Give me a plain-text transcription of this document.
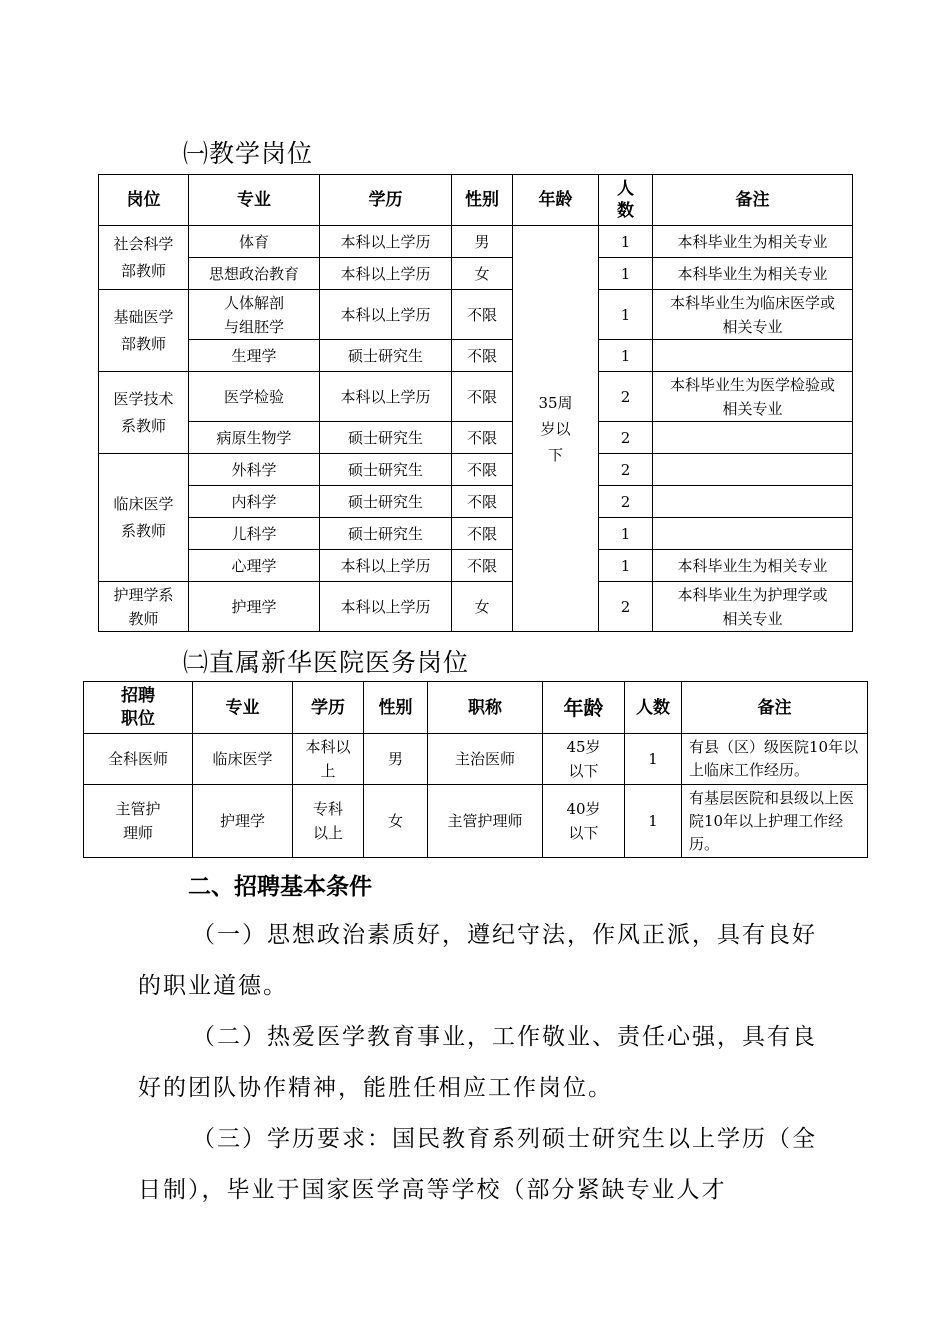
㈠教学岗位
岗位	专业	学历	性别	年龄	人数	备注
社会科学部教师	体育	本科以上学历	男	35周岁以下	1	本科毕业生为相关专业
	思想政治教育	本科以上学历	女		1	本科毕业生为相关专业
基础医学部教师	人体解剖与组胚学	本科以上学历	不限		1	本科毕业生为临床医学或相关专业
	生理学	硕士研究生	不限		1	
医学技术系教师	医学检验	本科以上学历	不限		2	本科毕业生为医学检验或相关专业
	病原生物学	硕士研究生	不限		2	
临床医学系教师	外科学	硕士研究生	不限		2	
	内科学	硕士研究生	不限		2	
	儿科学	硕士研究生	不限		1	
	心理学	本科以上学历	不限		1	本科毕业生为相关专业
护理学系教师	护理学	本科以上学历	女		2	本科毕业生为护理学或相关专业
㈡直属新华医院医务岗位
招聘职位	专业	学历	性别	职称	年龄	人数	备注
全科医师	临床医学	本科以上	男	主治医师	45岁以下	1	有县（区）级医院10年以上临床工作经历。
主管护理师	护理学	专科以上	女	主管护理师	40岁以下	1	有基层医院和县级以上医院10年以上护理工作经历。
二、招聘基本条件

（一）思想政治素质好，遵纪守法，作风正派，具有良好的职业道德。

（二）热爱医学教育事业，工作敬业、责任心强，具有良好的团队协作精神，能胜任相应工作岗位。

（三）学历要求：国民教育系列硕士研究生以上学历（全日制），毕业于国家医学高等学校（部分紧缺专业人才
